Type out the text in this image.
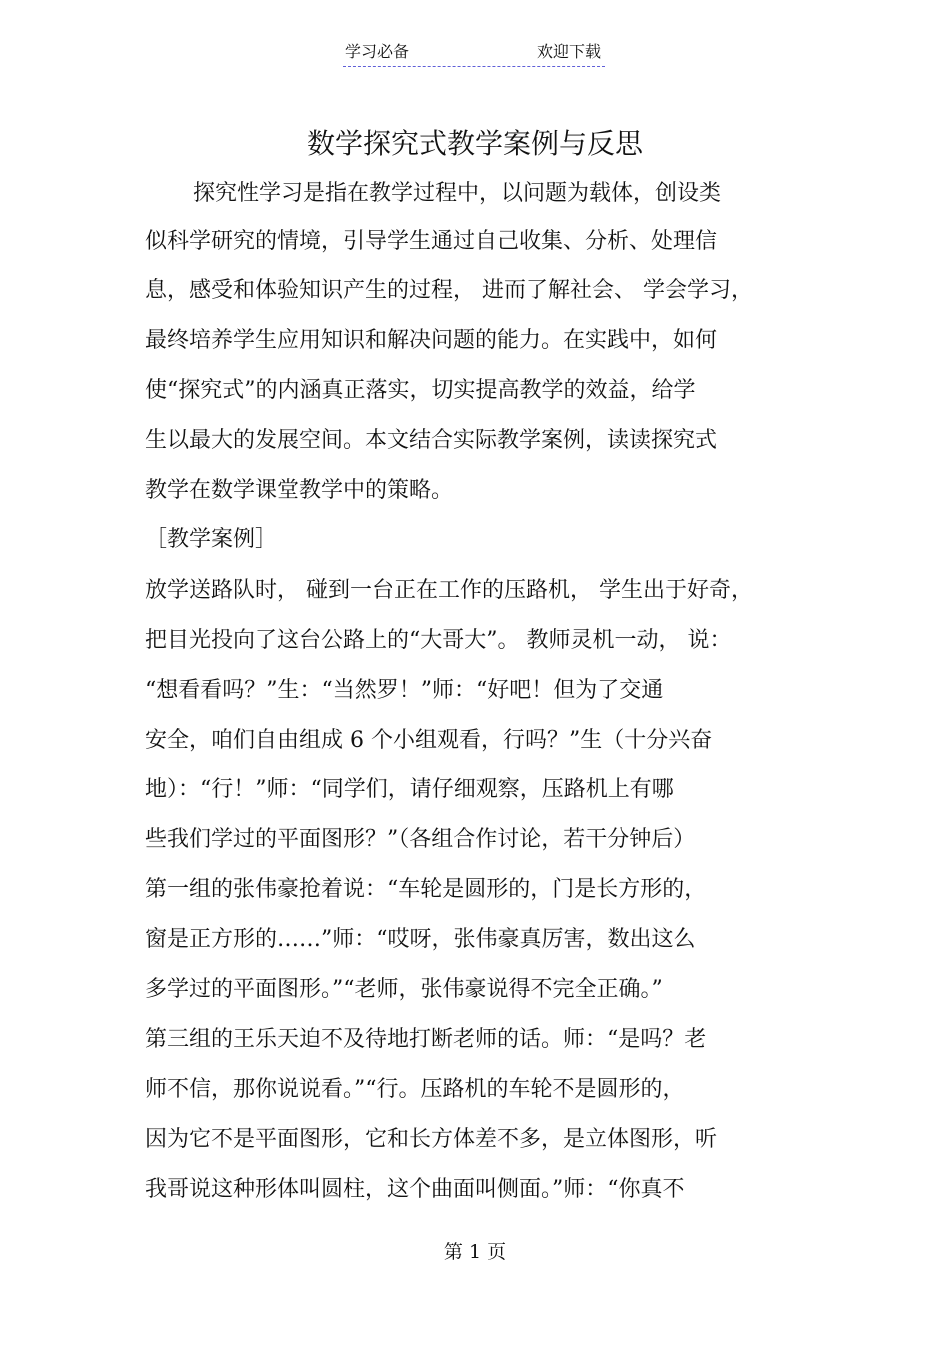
学习必备	欢迎下载
数学探究式教学案例与反思
探究性学习是指在教学过程中，以问题为载体，创设类
似科学研究的情境，引导学生通过自己收集、分析、处理信
息，感受和体验知识产生的过程， 进而了解社会、 学会学习，
最终培养学生应用知识和解决问题的能力。在实践中，如何
使“探究式”的内涵真正落实，切实提高教学的效益，给学
生以最大的发展空间。本文结合实际教学案例，读读探究式
教学在数学课堂教学中的策略。
［教学案例］
放学送路队时， 碰到一台正在工作的压路机， 学生出于好奇，
把目光投向了这台公路上的“大哥大”。 教师灵机一动， 说：
“想看看吗？”生：“当然罗！”师：“好吧！但为了交通
安全，咱们自由组成 6 个小组观看，行吗？”生（十分兴奋
地）：“行！”师：“同学们，请仔细观察，压路机上有哪
些我们学过的平面图形？”（各组合作讨论，若干分钟后）
第一组的张伟豪抢着说：“车轮是圆形的，门是长方形的，
窗是正方形的……”师：“哎呀，张伟豪真厉害，数出这么
多学过的平面图形。”“老师，张伟豪说得不完全正确。”
第三组的王乐天迫不及待地打断老师的话。师：“是吗？老
师不信，那你说说看。”“行。压路机的车轮不是圆形的，
因为它不是平面图形，它和长方体差不多，是立体图形，听
我哥说这种形体叫圆柱，这个曲面叫侧面。”师：“你真不
第 1 页
